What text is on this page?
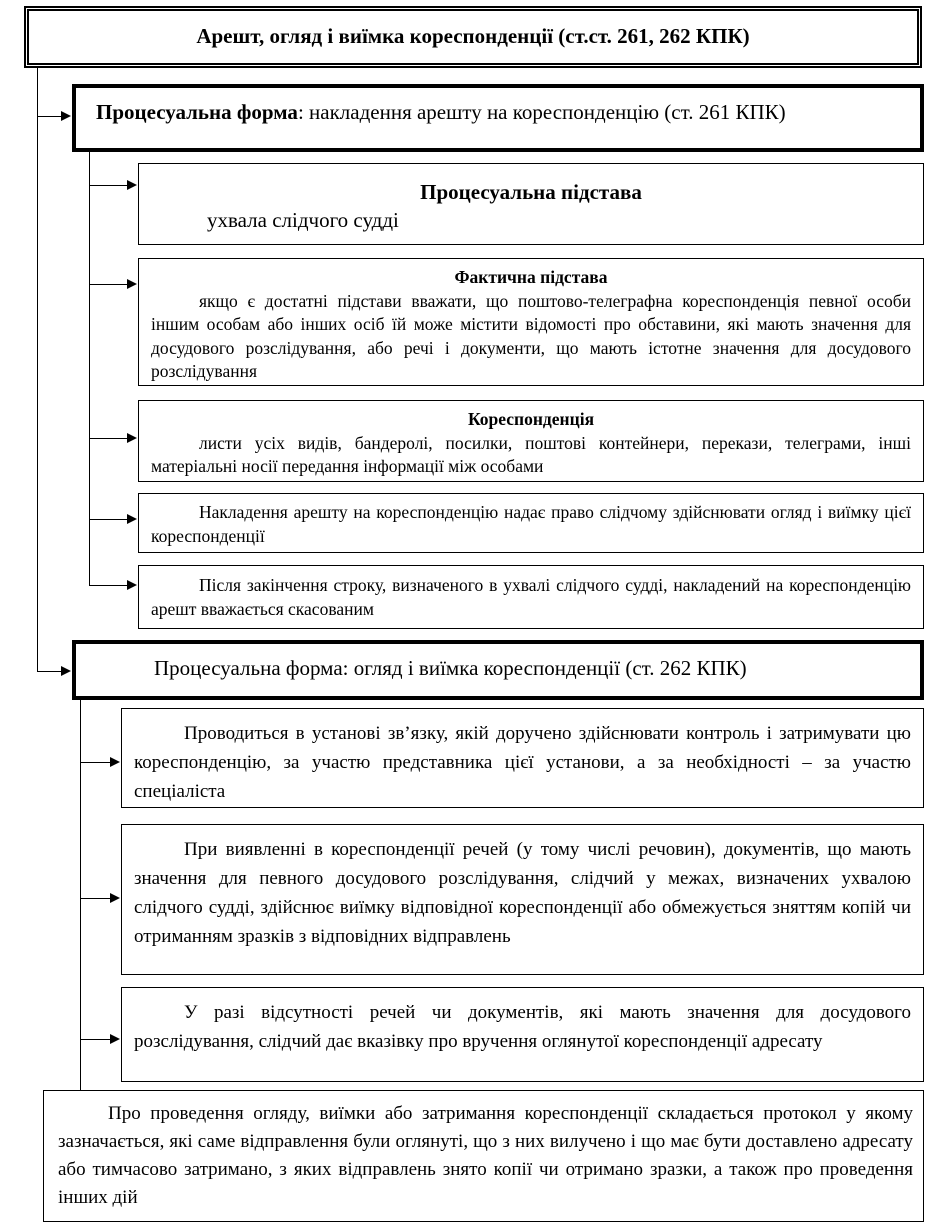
Арешт, огляд і виїмка кореспонденції (ст.ст. 261, 262 КПК)
Процесуальна форма: накладення арешту на кореспонденцію (ст. 261 КПК)
Процесуальна підстава
ухвала слідчого судді
Фактична підстава
якщо є достатні підстави вважати, що поштово-телеграфна кореспонденція певної особи іншим особам або інших осіб їй може містити відомості про обставини, які мають значення для досудового розслідування, або речі і документи, що мають істотне значення для досудового розслідування
Кореспонденція
листи усіх видів, бандеролі, посилки, поштові контейнери, перекази, телеграми, інші матеріальні носії передання інформації між особами
Накладення арешту на кореспонденцію надає право слідчому здійснювати огляд і виїмку цієї кореспонденції
Після закінчення строку, визначеного в ухвалі слідчого судді, накладений на кореспонденцію арешт вважається скасованим
Процесуальна форма: огляд і виїмка кореспонденції (ст. 262 КПК)
Проводиться в установі зв’язку, якій доручено здійснювати контроль і затримувати цю кореспонденцію, за участю представника цієї установи, а за необхідності – за участю спеціаліста
При виявленні в кореспонденції речей (у тому числі речовин), документів, що мають значення для певного досудового розслідування, слідчий у межах, визначених ухвалою слідчого судді, здійснює виїмку відповідної кореспонденції або обмежується зняттям копій чи отриманням зразків з відповідних відправлень
У разі відсутності речей чи документів, які мають значення для досудового розслідування, слідчий дає вказівку про вручення оглянутої кореспонденції адресату
Про проведення огляду, виїмки або затримання кореспонденції складається протокол у якому зазначається, які саме відправлення були оглянуті, що з них вилучено і що має бути доставлено адресату або тимчасово затримано, з яких відправлень знято копії чи отримано зразки, а також про проведення інших дій
